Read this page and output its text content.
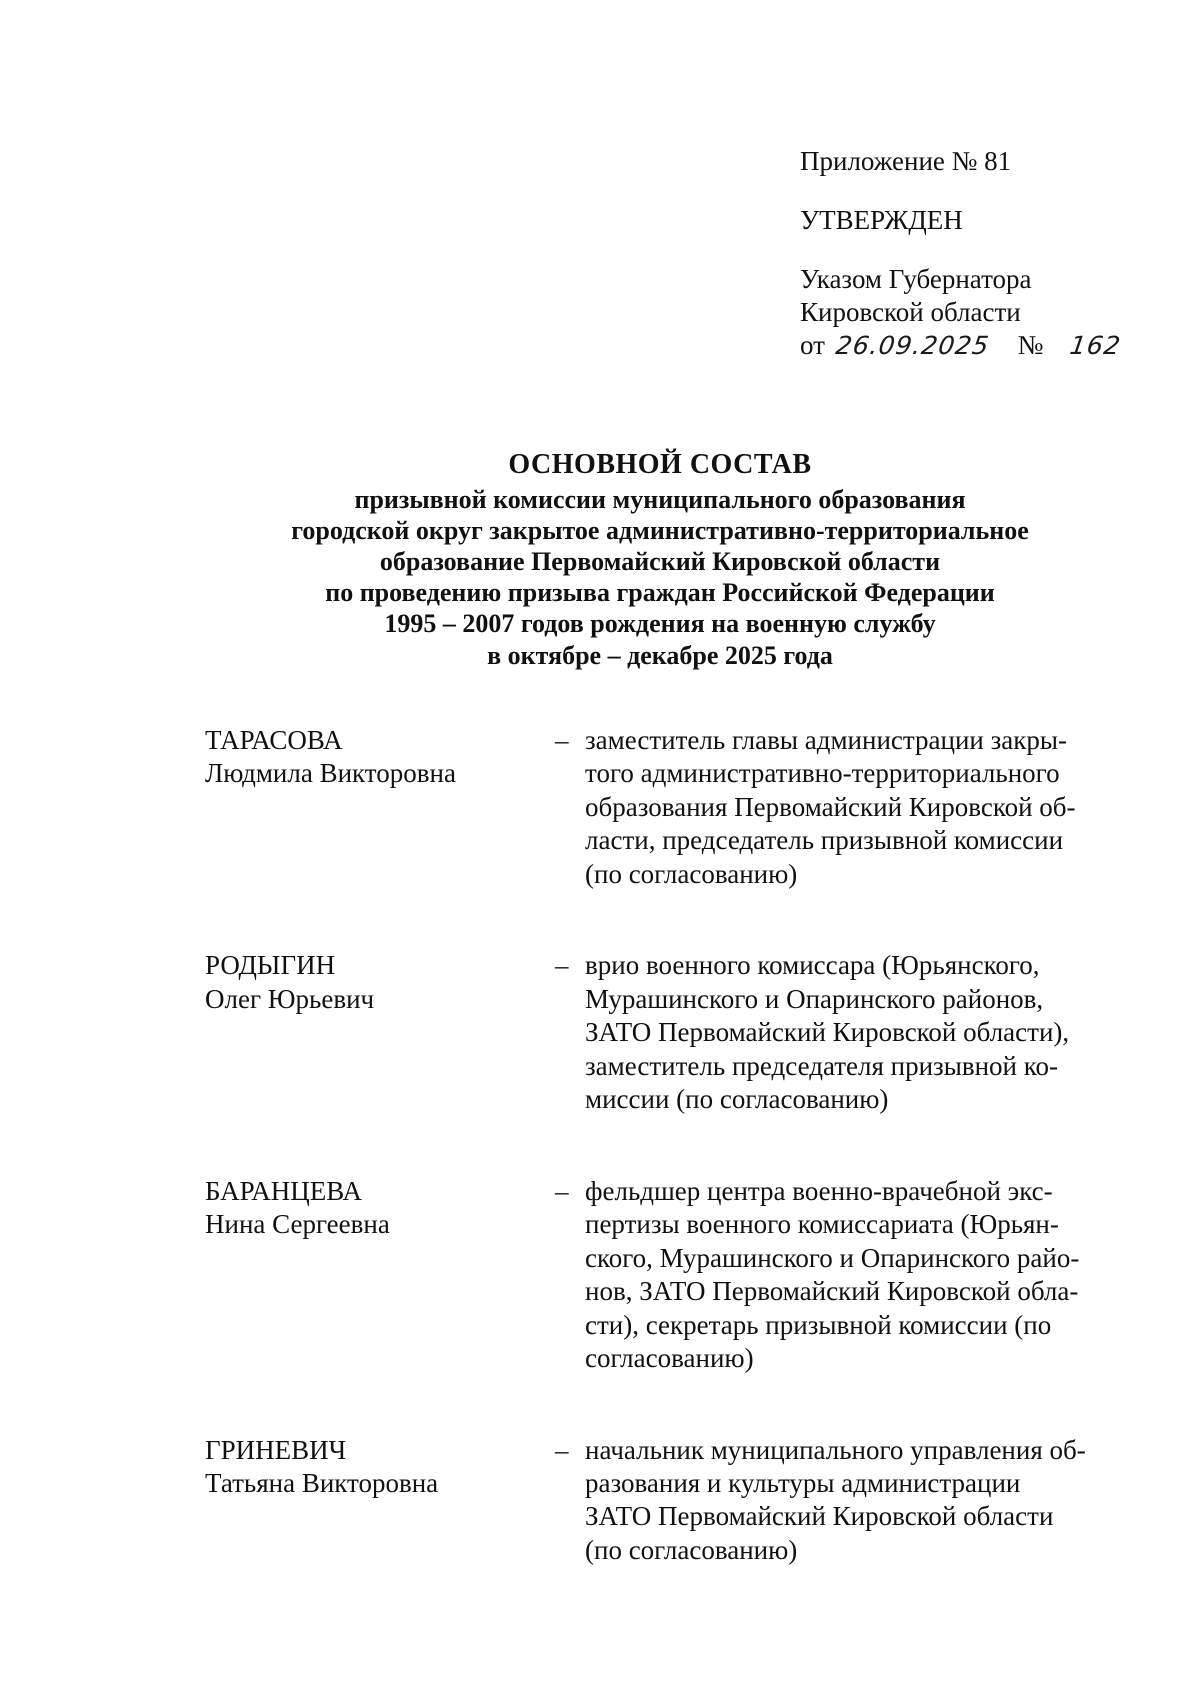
Приложение № 81
УТВЕРЖДЕН
Указом Губернатора
Кировской области
от 26.09.2025 № 162
ОСНОВНОЙ СОСТАВ
призывной комиссии муниципального образования
городской округ закрытое административно-территориальное
образование Первомайский Кировской области
по проведению призыва граждан Российской Федерации
1995 – 2007 годов рождения на военную службу
в октябре – декабре 2025 года
ТАРАСОВА
Людмила Викторовна
– заместитель главы администрации закры-
того административно-территориального
образования Первомайский Кировской об-
ласти, председатель призывной комиссии
(по согласованию)
РОДЫГИН
Олег Юрьевич
– врио военного комиссара (Юрьянского,
Мурашинского и Опаринского районов,
ЗАТО Первомайский Кировской области),
заместитель председателя призывной ко-
миссии (по согласованию)
БАРАНЦЕВА
Нина Сергеевна
– фельдшер центра военно-врачебной экс-
пертизы военного комиссариата (Юрьян-
ского, Мурашинского и Опаринского райо-
нов, ЗАТО Первомайский Кировской обла-
сти), секретарь призывной комиссии (по
согласованию)
ГРИНЕВИЧ
Татьяна Викторовна
– начальник муниципального управления об-
разования и культуры администрации
ЗАТО Первомайский Кировской области
(по согласованию)
